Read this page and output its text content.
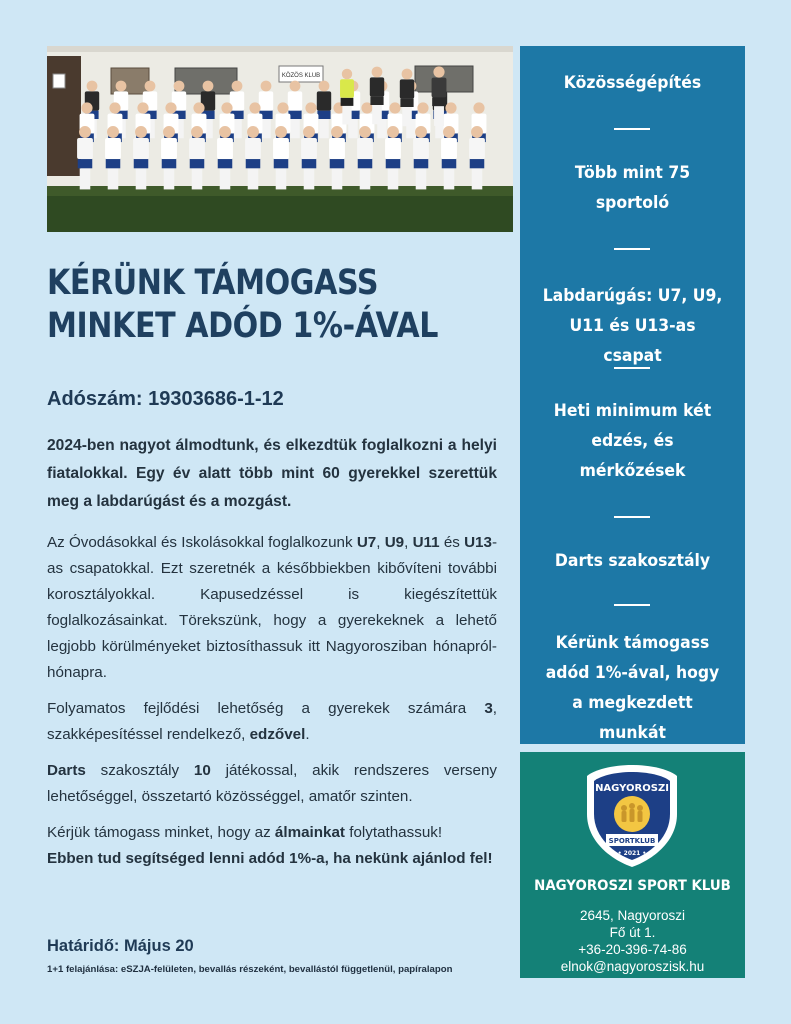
KÖZÖS KLUB
KÉRÜNK TÁMOGASS
MINKET ADÓD 1%-ÁVAL
Adószám: 19303686-1-12

2024-ben nagyot álmodtunk, és elkezdtük foglalkozni a helyi fiatalokkal. Egy év alatt több mint 60 gyerekkel szerettük meg a labdarúgást és a mozgást.

Az Óvodásokkal és Iskolásokkal foglalkozunk U7, U9, U11 és U13-as csapatokkal. Ezt szeretnék a későbbiekben kibővíteni további korosztályokkal. Kapusedzéssel is kiegészítettük foglalkozásainkat. Törekszünk, hogy a gyerekeknek a lehető legjobb körülményeket biztosíthassuk itt Nagyorosziban hónapról-hónapra.

Folyamatos fejlődési lehetőség a gyerekek számára 3, szakképesítéssel rendelkező, edzővel.

Darts szakosztály 10 játékossal, akik rendszeres verseny lehetőséggel, összetartó közösséggel, amatőr szinten.

Kérjük támogass minket, hogy az álmainkat folytathassuk!
Ebben tud segítséged lenni adód 1%-a, ha nekünk ajánlod fel!

Határidő: Május 20
1+1 felajánlása: eSZJA-felületen, bevallás részeként, bevallástól függetlenül, papíralapon
Közösségépítés
Több mint 75 sportoló
Labdarúgás: U7, U9, U11 és U13-as csapat
Heti minimum két edzés, és mérkőzések
Darts szakosztály
Kérünk támogass adód 1%-ával, hogy a megkezdett munkát
NAGYOROSZI
SPORTKLUB
• 2021 •
NAGYOROSZI SPORT KLUB
2645, Nagyoroszi
Fő út 1.
+36-20-396-74-86
elnok@nagyoroszisk.hu
